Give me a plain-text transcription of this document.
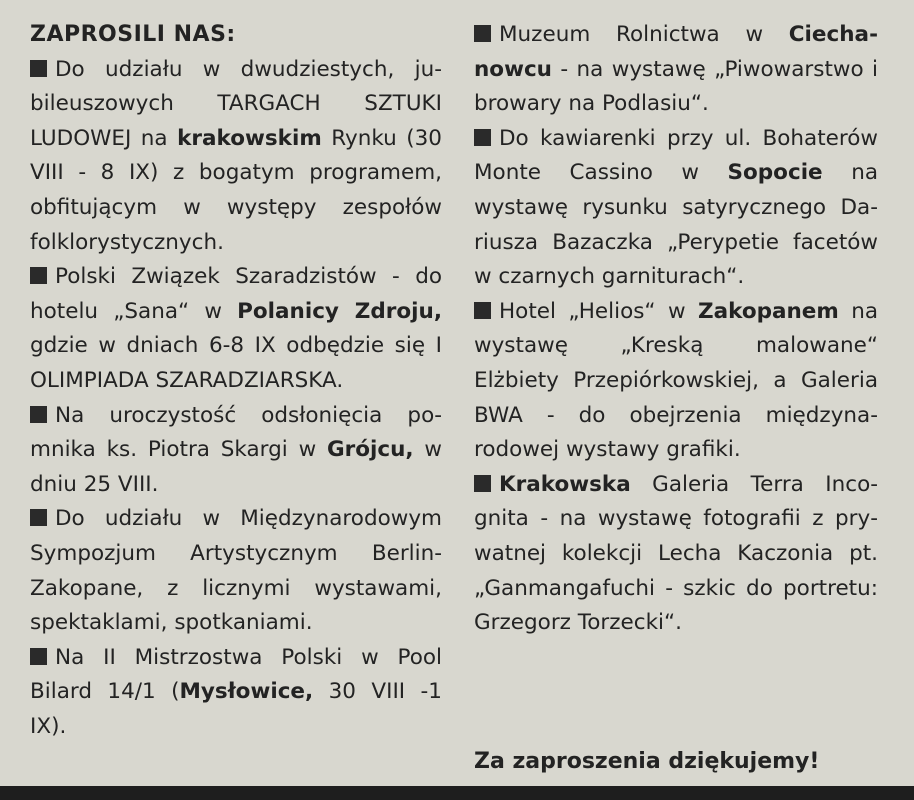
ZAPROSILI NAS:

Do udziału w dwudziestych, jubileuszowych TARGACH SZTUKI LUDOWEJ na krakowskim Rynku (30 VIII - 8 IX) z bogatym programem, obfitującym w występy zespołów folklorystycznych.

Polski Związek Szaradzistów - do hotelu „Sana“ w Polanicy Zdroju, gdzie w dniach 6-8 IX odbędzie się I OLIMPIADA SZARADZIARSKA.

Na uroczystość odsłonięcia pomnika ks. Piotra Skargi w Grójcu, w dniu 25 VIII.

Do udziału w Międzynarodowym Sympozjum Artystycznym Berlin-Zakopane, z licznymi wystawami, spektaklami, spotkaniami.

Na II Mistrzostwa Polski w Pool Bilard 14/1 (Mysłowice, 30 VIII -1 IX).

Muzeum Rolnictwa w Ciechanowcu - na wystawę „Piwowarstwo i browary na Podlasiu“.

Do kawiarenki przy ul. Bohaterów Monte Cassino w Sopocie na wystawę rysunku satyrycznego Dariusza Bazaczka „Perypetie facetów w czarnych garniturach“.

Hotel „Helios“ w Zakopanem na wystawę „Kreską malowane“ Elżbiety Przepiórkowskiej, a Galeria BWA - do obejrzenia międzynarodowej wystawy grafiki.

Krakowska Galeria Terra Incognita - na wystawę fotografii z prywatnej kolekcji Lecha Kaczonia pt. „Ganmangafuchi - szkic do portretu: Grzegorz Torzecki“.

Za zaproszenia dziękujemy!
